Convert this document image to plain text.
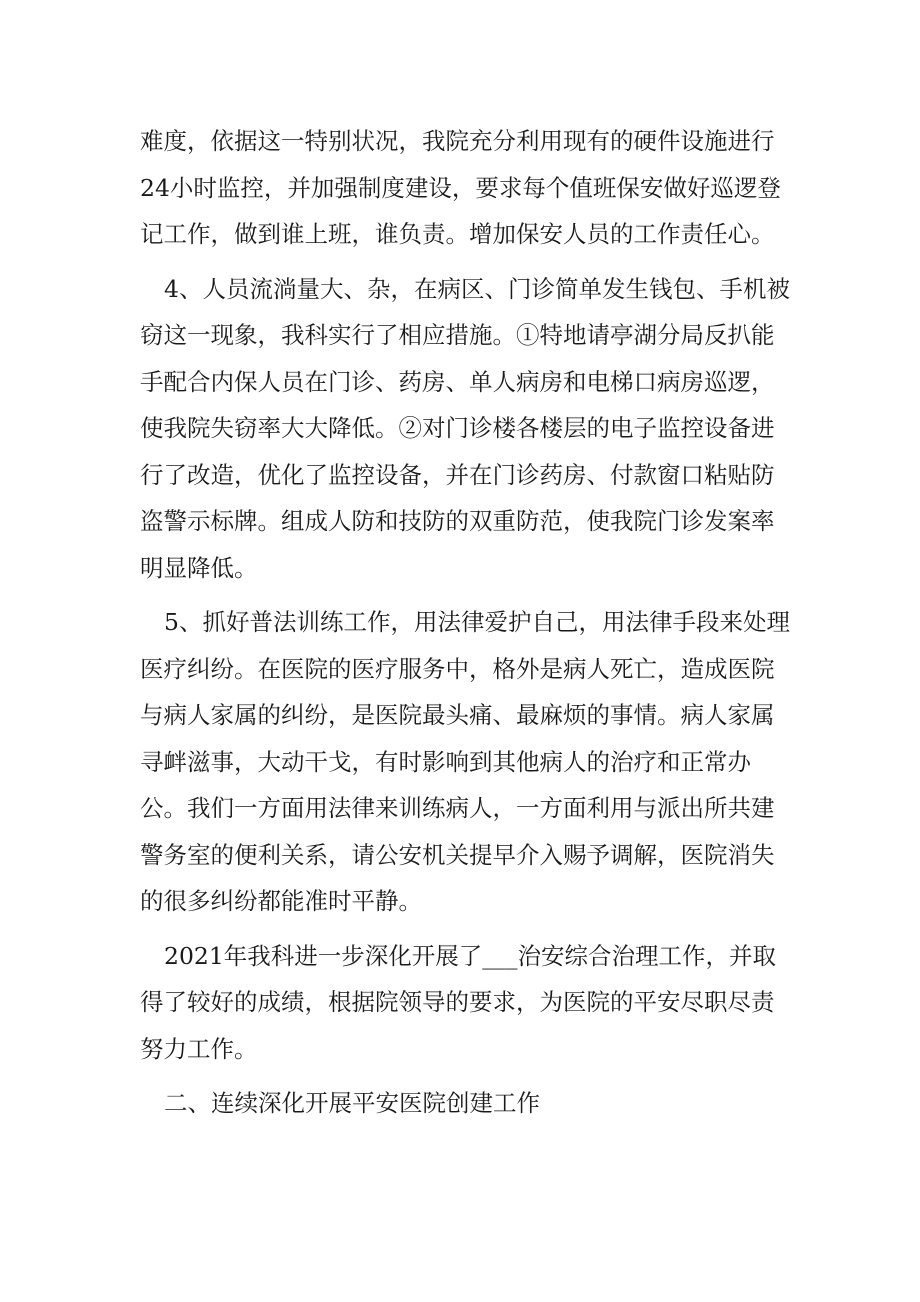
难度，依据这一特别状况，我院充分利用现有的硬件设施进行24小时监控，并加强制度建设，要求每个值班保安做好巡逻登记工作，做到谁上班，谁负责。增加保安人员的工作责任心。

4、人员流淌量大、杂，在病区、门诊简单发生钱包、手机被窃这一现象，我科实行了相应措施。①特地请亭湖分局反扒能手配合内保人员在门诊、药房、单人病房和电梯口病房巡逻，使我院失窃率大大降低。②对门诊楼各楼层的电子监控设备进行了改造，优化了监控设备，并在门诊药房、付款窗口粘贴防盗警示标牌。组成人防和技防的双重防范，使我院门诊发案率明显降低。

5、抓好普法训练工作，用法律爱护自己，用法律手段来处理医疗纠纷。在医院的医疗服务中，格外是病人死亡，造成医院与病人家属的纠纷，是医院最头痛、最麻烦的事情。病人家属寻衅滋事，大动干戈，有时影响到其他病人的治疗和正常办公。我们一方面用法律来训练病人，一方面利用与派出所共建警务室的便利关系，请公安机关提早介入赐予调解，医院消失的很多纠纷都能准时平静。

2021年我科进一步深化开展了___治安综合治理工作，并取得了较好的成绩，根据院领导的要求，为医院的平安尽职尽责努力工作。

二、连续深化开展平安医院创建工作
